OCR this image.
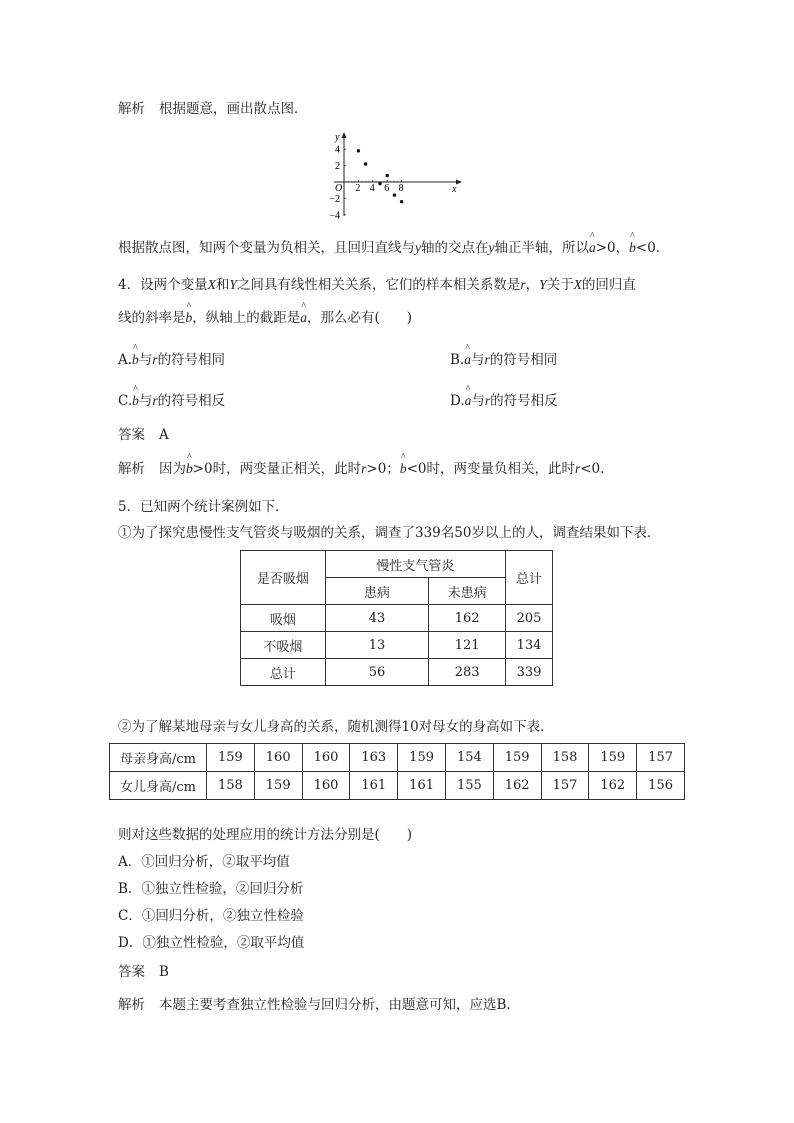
解析 根据题意，画出散点图．
x
y
O 2 4 6 8
4
2
−2
−4
根据散点图，知两个变量为负相关，且回归直线与y轴的交点在y轴正半轴，所以^ a>0，^ b<0.
4．设两个变量X和Y之间具有线性相关关系，它们的样本相关系数是r，Y关于X的回归直
线的斜率是^ b，纵轴上的截距是^ a，那么必有(　　)
A.^ b与r的符号相同	B.^ a与r的符号相同
C.^ b与r的符号相反	D.^ a与r的符号相反
答案 A
解析 因为^ b>0时，两变量正相关，此时r>0；^ b<0时，两变量负相关，此时r<0.
5．已知两个统计案例如下．
①为了探究患慢性支气管炎与吸烟的关系，调查了339名50岁以上的人，调查结果如下表．
是否吸烟	慢性支气管炎		总计
	患病	未患病	
吸烟	43	162	205
不吸烟	13	121	134
总计	56	283	339
②为了解某地母亲与女儿身高的关系，随机测得10对母女的身高如下表．
母亲身高/cm	159	160	160	163	159	154	159	158	159	157
女儿身高/cm	158	159	160	161	161	155	162	157	162	156
则对这些数据的处理应用的统计方法分别是(　　)
A．①回归分析，②取平均值
B．①独立性检验，②回归分析
C．①回归分析，②独立性检验
D．①独立性检验，②取平均值
答案 B
解析 本题主要考查独立性检验与回归分析，由题意可知，应选B.
